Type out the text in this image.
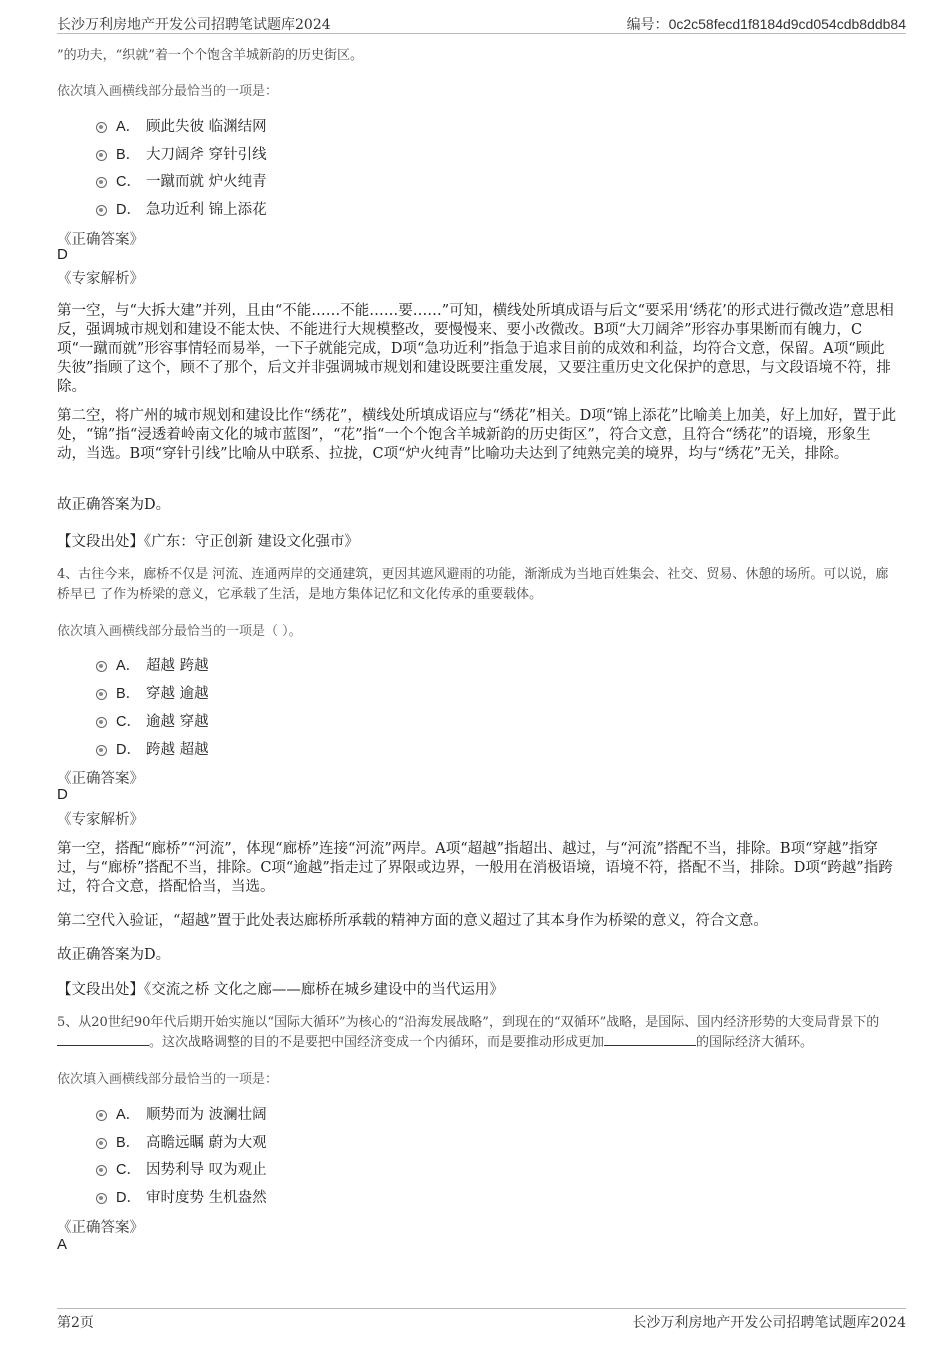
长沙万利房地产开发公司招聘笔试题库2024	编号：0c2c58fecd1f8184d9cd054cdb8ddb84
”的功夫，“织就”着一个个饱含羊城新韵的历史街区。
依次填入画横线部分最恰当的一项是：
A． 顾此失彼 临渊结网
B． 大刀阔斧 穿针引线
C． 一蹴而就 炉火纯青
D． 急功近利 锦上添花
《正确答案》
D
《专家解析》
第一空，与“大拆大建”并列，且由“不能……不能……要……”可知，横线处所填成语与后文“要采用‘绣花’的形式进行微改造”意思相反，强调城市规划和建设不能太快、不能进行大规模整改，要慢慢来、要小改微改。B项“大刀阔斧”形容办事果断而有魄力，C项“一蹴而就”形容事情轻而易举，一下子就能完成，D项“急功近利”指急于追求目前的成效和利益，均符合文意，保留。A项“顾此失彼”指顾了这个，顾不了那个，后文并非强调城市规划和建设既要注重发展，又要注重历史文化保护的意思，与文段语境不符，排除。
第二空，将广州的城市规划和建设比作“绣花”，横线处所填成语应与“绣花”相关。D项“锦上添花”比喻美上加美，好上加好，置于此处，“锦”指“浸透着岭南文化的城市蓝图”，“花”指“一个个饱含羊城新韵的历史街区”，符合文意，且符合“绣花”的语境，形象生动，当选。B项“穿针引线”比喻从中联系、拉拢，C项“炉火纯青”比喻功夫达到了纯熟完美的境界，均与“绣花”无关，排除。
故正确答案为D。
【文段出处】《广东：守正创新 建设文化强市》
4、古往今来，廊桥不仅是 河流、连通两岸的交通建筑，更因其遮风避雨的功能，渐渐成为当地百姓集会、社交、贸易、休憩的场所。可以说，廊桥早已 了作为桥梁的意义，它承载了生活，是地方集体记忆和文化传承的重要载体。
依次填入画横线部分最恰当的一项是（ ）。
A． 超越 跨越
B． 穿越 逾越
C． 逾越 穿越
D． 跨越 超越
《正确答案》
D
《专家解析》
第一空，搭配“廊桥”“河流”，体现“廊桥”连接“河流”两岸。A项“超越”指超出、越过，与“河流”搭配不当，排除。B项“穿越”指穿过，与“廊桥”搭配不当，排除。C项“逾越”指走过了界限或边界，一般用在消极语境，语境不符，搭配不当，排除。D项“跨越”指跨过，符合文意，搭配恰当，当选。
第二空代入验证，“超越”置于此处表达廊桥所承载的精神方面的意义超过了其本身作为桥梁的意义，符合文意。
故正确答案为D。
【文段出处】《交流之桥 文化之廊——廊桥在城乡建设中的当代运用》
5、从20世纪90年代后期开始实施以“国际大循环”为核心的“沿海发展战略”，到现在的“双循环”战略，是国际、国内经济形势的大变局背景下的。这次战略调整的目的不是要把中国经济变成一个内循环，而是要推动形成更加	的国际经济大循环。
依次填入画横线部分最恰当的一项是：
A． 顺势而为 波澜壮阔
B． 高瞻远瞩 蔚为大观
C． 因势利导 叹为观止
D． 审时度势 生机盎然
《正确答案》
A
第2页	长沙万利房地产开发公司招聘笔试题库2024
